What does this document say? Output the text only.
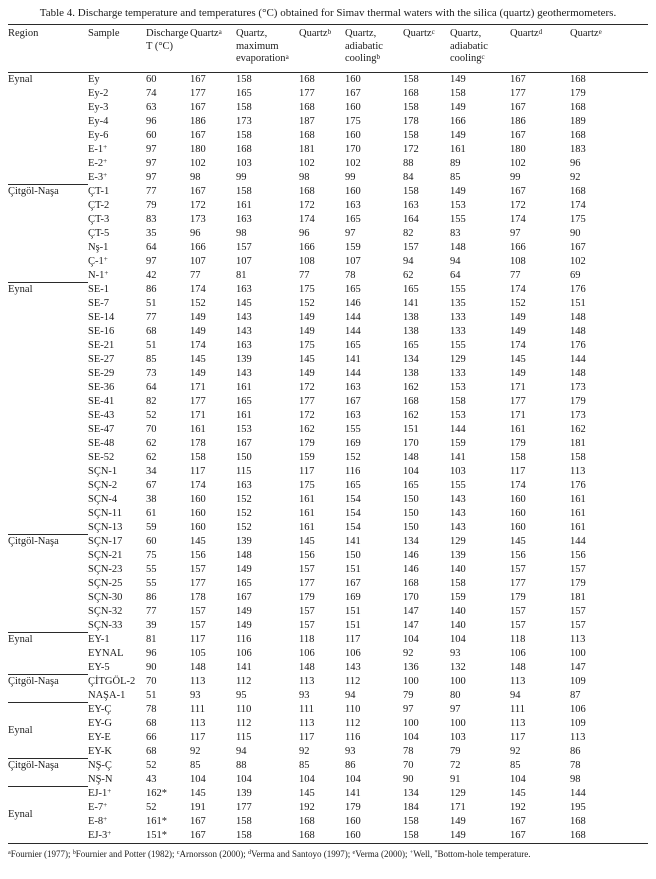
Table 4. Discharge temperature and temperatures (°C) obtained for Simav thermal waters with the silica (quartz) geothermometers.
Region	Sample	Discharge T (°C)	Quartz$^a$	Quartz, maximum evaporation$^a$	Quartz$^b$	Quartz, adiabatic cooling$^b$	Quartz$^c$	Quartz, adiabatic cooling$^c$	Quartz$^d$	Quartz$^e$
Eynal	Ey	60	167	158	168	160	158	149	167	168
	Ey-2	74	177	165	177	167	168	158	177	179
	Ey-3	63	167	158	168	160	158	149	167	168
	Ey-4	96	186	173	187	175	178	166	186	189
	Ey-6	60	167	158	168	160	158	149	167	168
	E-1+	97	180	168	181	170	172	161	180	183
	E-2+	97	102	103	102	102	88	89	102	96
	E-3+	97	98	99	98	99	84	85	99	92
Çitgöl-Naşa	ÇT-1	77	167	158	168	160	158	149	167	168
	ÇT-2	79	172	161	172	163	163	153	172	174
	ÇT-3	83	173	163	174	165	164	155	174	175
	ÇT-5	35	96	98	96	97	82	83	97	90
	Nş-1	64	166	157	166	159	157	148	166	167
	Ç-1+	97	107	107	108	107	94	94	108	102
	N-1+	42	77	81	77	78	62	64	77	69
Eynal	SE-1	86	174	163	175	165	165	155	174	176
	SE-7	51	152	145	152	146	141	135	152	151
	SE-14	77	149	143	149	144	138	133	149	148
	SE-16	68	149	143	149	144	138	133	149	148
	SE-21	51	174	163	175	165	165	155	174	176
	SE-27	85	145	139	145	141	134	129	145	144
	SE-29	73	149	143	149	144	138	133	149	148
	SE-36	64	171	161	172	163	162	153	171	173
	SE-41	82	177	165	177	167	168	158	177	179
	SE-43	52	171	161	172	163	162	153	171	173
	SE-47	70	161	153	162	155	151	144	161	162
	SE-48	62	178	167	179	169	170	159	179	181
	SE-52	62	158	150	159	152	148	141	158	158
	SÇN-1	34	117	115	117	116	104	103	117	113
	SÇN-2	67	174	163	175	165	165	155	174	176
	SÇN-4	38	160	152	161	154	150	143	160	161
	SÇN-11	61	160	152	161	154	150	143	160	161
	SÇN-13	59	160	152	161	154	150	143	160	161
Çitgöl-Naşa	SÇN-17	60	145	139	145	141	134	129	145	144
	SÇN-21	75	156	148	156	150	146	139	156	156
	SÇN-23	55	157	149	157	151	146	140	157	157
	SÇN-25	55	177	165	177	167	168	158	177	179
	SÇN-30	86	178	167	179	169	170	159	179	181
	SÇN-32	77	157	149	157	151	147	140	157	157
	SÇN-33	39	157	149	157	151	147	140	157	157
Eynal	EY-1	81	117	116	118	117	104	104	118	113
	EYNAL	96	105	106	106	106	92	93	106	100
	EY-5	90	148	141	148	143	136	132	148	147
Çitgöl-Naşa	ÇİTGÖL-2	70	113	112	113	112	100	100	113	109
	NAŞA-1	51	93	95	93	94	79	80	94	87
Eynal	EY-Ç	78	111	110	111	110	97	97	111	106
	EY-G	68	113	112	113	112	100	100	113	109
	EY-E	66	117	115	117	116	104	103	117	113
	EY-K	68	92	94	92	93	78	79	92	86
Çitgöl-Naşa	NŞ-Ç	52	85	88	85	86	70	72	85	78
	NŞ-N	43	104	104	104	104	90	91	104	98
Eynal	EJ-1+	162*	145	139	145	141	134	129	145	144
	E-7+	52	191	177	192	179	184	171	192	195
	E-8+	161*	167	158	168	160	158	149	167	168
	EJ-3+	151*	167	158	168	160	158	149	167	168
$^a$Fournier (1977); $^b$Fournier and Potter (1982); $^c$Arnorsson (2000); $^d$Verma and Santoyo (1997); $^e$Verma (2000); +Well, *Bottom-hole temperature.
